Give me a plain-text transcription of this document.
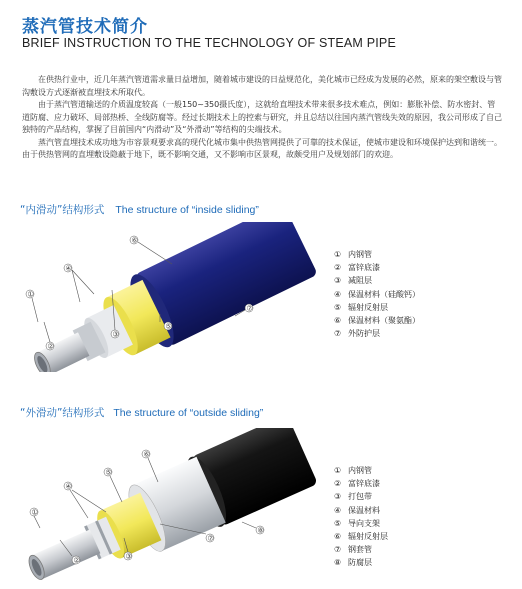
蒸汽管技术简介
BRIEF INSTRUCTION TO THE TECHNOLOGY OF STEAM PIPE

在供热行业中，近几年蒸汽管道需求量日益增加，随着城市建设的日益规范化，美化城市已经成为发展的必然，原来的架空敷设与管沟敷设方式逐渐被直埋技术所取代。

由于蒸汽管道输送的介质温度较高（一般150~350摄氏度），这就给直埋技术带来很多技术难点，例如：膨胀补偿、防水密封、管道防腐、应力破坏、局部热桥、全线防腐等。经过长期技术上的控索与研究，并且总结以往国内蒸汽管线失效的原因，我公司形成了自己独特的产品结构，掌握了目前国内“内滑动”及“外滑动”等结构的尖端技术。

蒸汽管直埋技术成功地为市容景观要求高的现代化城市集中供热管网提供了可靠的技术保证，使城市建设和环境保护达到和谐统一。由于供热管网的直埋敷设隐蔽于地下，既不影响交通，又不影响市区景观，故颇受用户及规划部门的欢迎。

“内滑动”结构形式 The structure of “inside sliding”
①
②
③
④
⑤
⑥
⑦
① 内钢管
② 富锌底漆
③ 减阻层
④ 保温材料（硅酸钙）
⑤ 辐射反射层
⑥ 保温材料（聚氨酯）
⑦ 外防护层
“外滑动”结构形式 The structure of “outside sliding”
①
②	③
④
⑤
⑥
⑦
⑧
① 内钢管
② 富锌底漆
③ 打包带
④ 保温材料
⑤ 导向支架
⑥ 辐射反射层
⑦ 钢套管
⑧ 防腐层
